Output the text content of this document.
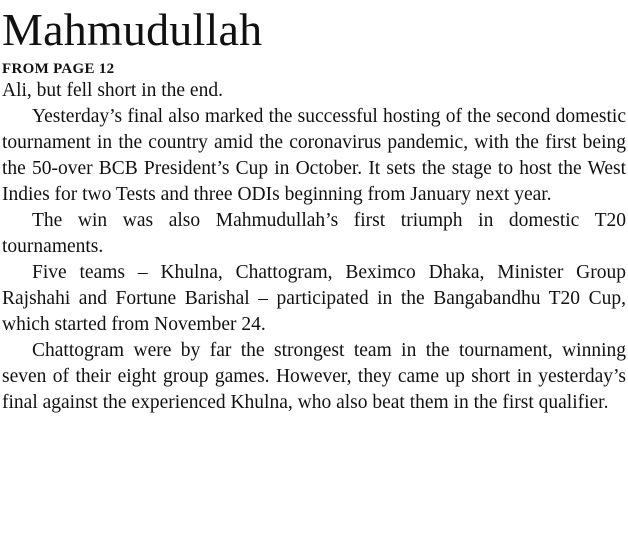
Mahmudullah
FROM PAGE 12

Ali, but fell short in the end.

Yesterday’s final also marked the successful hosting of the second domestic tournament in the country amid the coronavirus pandemic, with the first being the 50-over BCB President’s Cup in October. It sets the stage to host the West Indies for two Tests and three ODIs beginning from January next year.

The win was also Mahmudullah’s first triumph in domestic T20 tournaments.

Five teams – Khulna, Chattogram, Beximco Dhaka, Minister Group Rajshahi and Fortune Barishal – participated in the Bangabandhu T20 Cup, which started from November 24.

Chattogram were by far the strongest team in the tournament, winning seven of their eight group games. However, they came up short in yesterday’s final against the experienced Khulna, who also beat them in the first qualifier.
